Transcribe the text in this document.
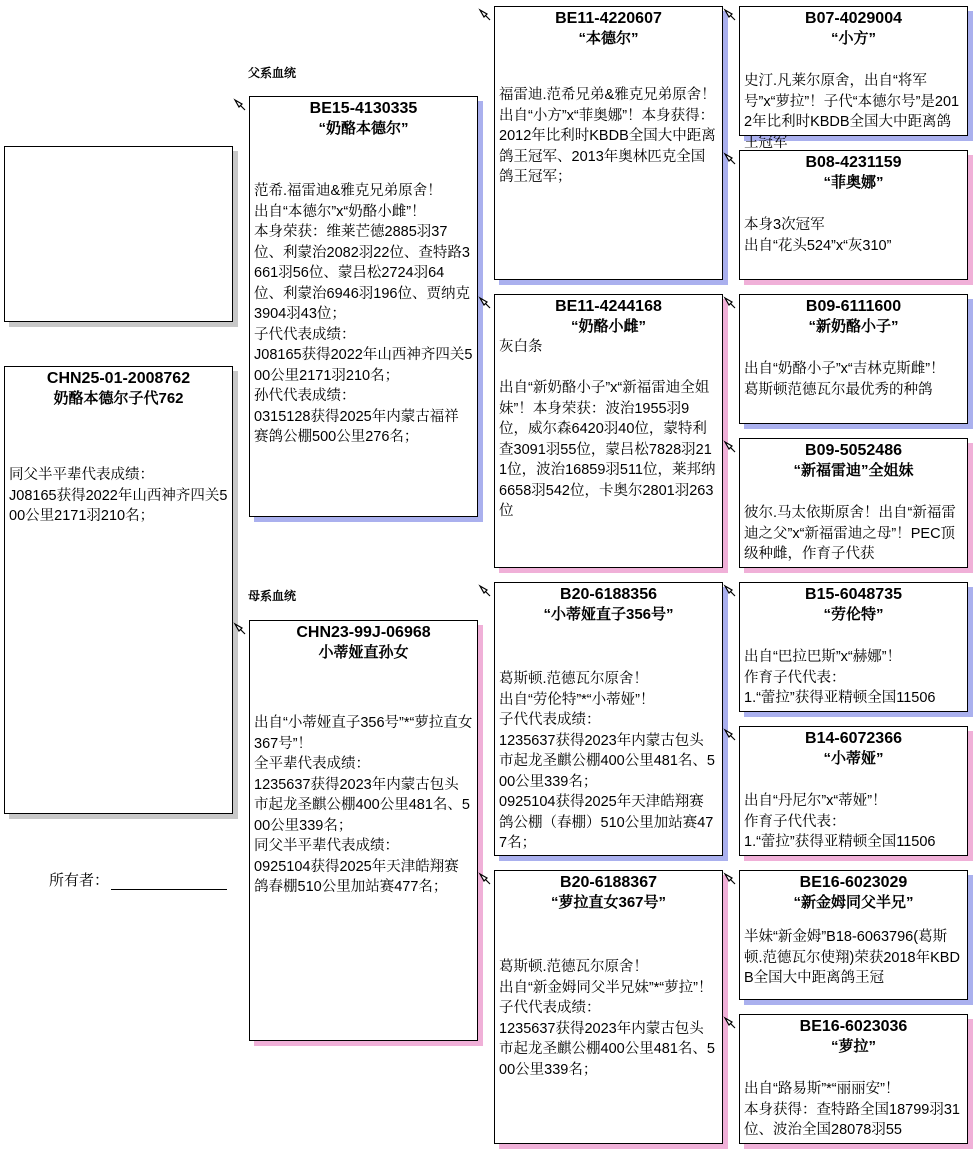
CHN25-01-2008762
奶酪本德尔子代762
同父半平辈代表成绩：
J08165获得2022年山西神齐四关500公里2171羽210名；
所有者：
父系血统
母系血统
BE15-4130335
“奶酪本德尔”
范希.福雷迪&雅克兄弟原舍！
出自“本德尔”x“奶酪小雌”！
本身荣获：维莱芒德2885羽37位、利蒙治2082羽22位、查特路3661羽56位、蒙吕松2724羽64位、利蒙治6946羽196位、贾纳克3904羽43位；
子代代表成绩：
J08165获得2022年山西神齐四关500公里2171羽210名；
孙代代表成绩：
0315128获得2025年内蒙古福祥赛鸽公棚500公里276名；
CHN23-99J-06968
小蒂娅直孙女
出自“小蒂娅直子356号”*“萝拉直女367号”！
全平辈代表成绩：
1235637获得2023年内蒙古包头市起龙圣麒公棚400公里481名、500公里339名；
同父半平辈代表成绩：
0925104获得2025年天津皓翔赛鸽春棚510公里加站赛477名；
BE11-4220607
“本德尔”
福雷迪.范希兄弟&雅克兄弟原舍！出自“小方”x“菲奥娜”！本身获得：2012年比利时KBDB全国大中距离鸽王冠军、2013年奥林匹克全国鸽王冠军；
BE11-4244168
“奶酪小雌”
灰白条

出自“新奶酪小子”x“新福雷迪全姐妹”！本身荣获：波治1955羽9位，威尔森6420羽40位，蒙特利查3091羽55位，蒙吕松7828羽211位，波治16859羽511位，莱邦纳6658羽542位，卡奥尔2801羽263位
B20-6188356
“小蒂娅直子356号”
葛斯顿.范德瓦尔原舍！
出自“劳伦特”*“小蒂娅”！
子代代表成绩：
1235637获得2023年内蒙古包头市起龙圣麒公棚400公里481名、500公里339名；
0925104获得2025年天津皓翔赛鸽公棚（春棚）510公里加站赛477名；
B20-6188367
“萝拉直女367号”
葛斯顿.范德瓦尔原舍！
出自“新金姆同父半兄妹”*“萝拉”！
子代代表成绩：
1235637获得2023年内蒙古包头市起龙圣麒公棚400公里481名、500公里339名；
B07-4029004
“小方”
史汀.凡莱尔原舍，出自“将军号”x“萝拉”！子代“本德尔号”是2012年比利时KBDB全国大中距离鸽王冠军
B08-4231159
“菲奥娜”
本身3次冠军
出自“花头524”x“灰310”
B09-6111600
“新奶酪小子”
出自“奶酪小子”x“吉林克斯雌”！
葛斯顿范德瓦尔最优秀的种鸽
B09-5052486
“新福雷迪”全姐妹
彼尔.马太依斯原舍！出自“新福雷迪之父”x“新福雷迪之母”！PEC顶级种雌，作育子代获
B15-6048735
“劳伦特”
出自“巴拉巴斯”x“赫娜”！
作育子代代表：
1.“蕾拉”获得亚精顿全国11506
B14-6072366
“小蒂娅”
出自“丹尼尔”x“蒂娅”！
作育子代代表：
1.“蕾拉”获得亚精顿全国11506
BE16-6023029
“新金姆同父半兄”
半妹“新金姆”B18-6063796(葛斯顿.范德瓦尔使翔)荣获2018年KBDB全国大中距离鸽王冠
BE16-6023036
“萝拉”
出自“路易斯”*“丽丽安”！
本身获得：查特路全国18799羽31位、波治全国28078羽55
